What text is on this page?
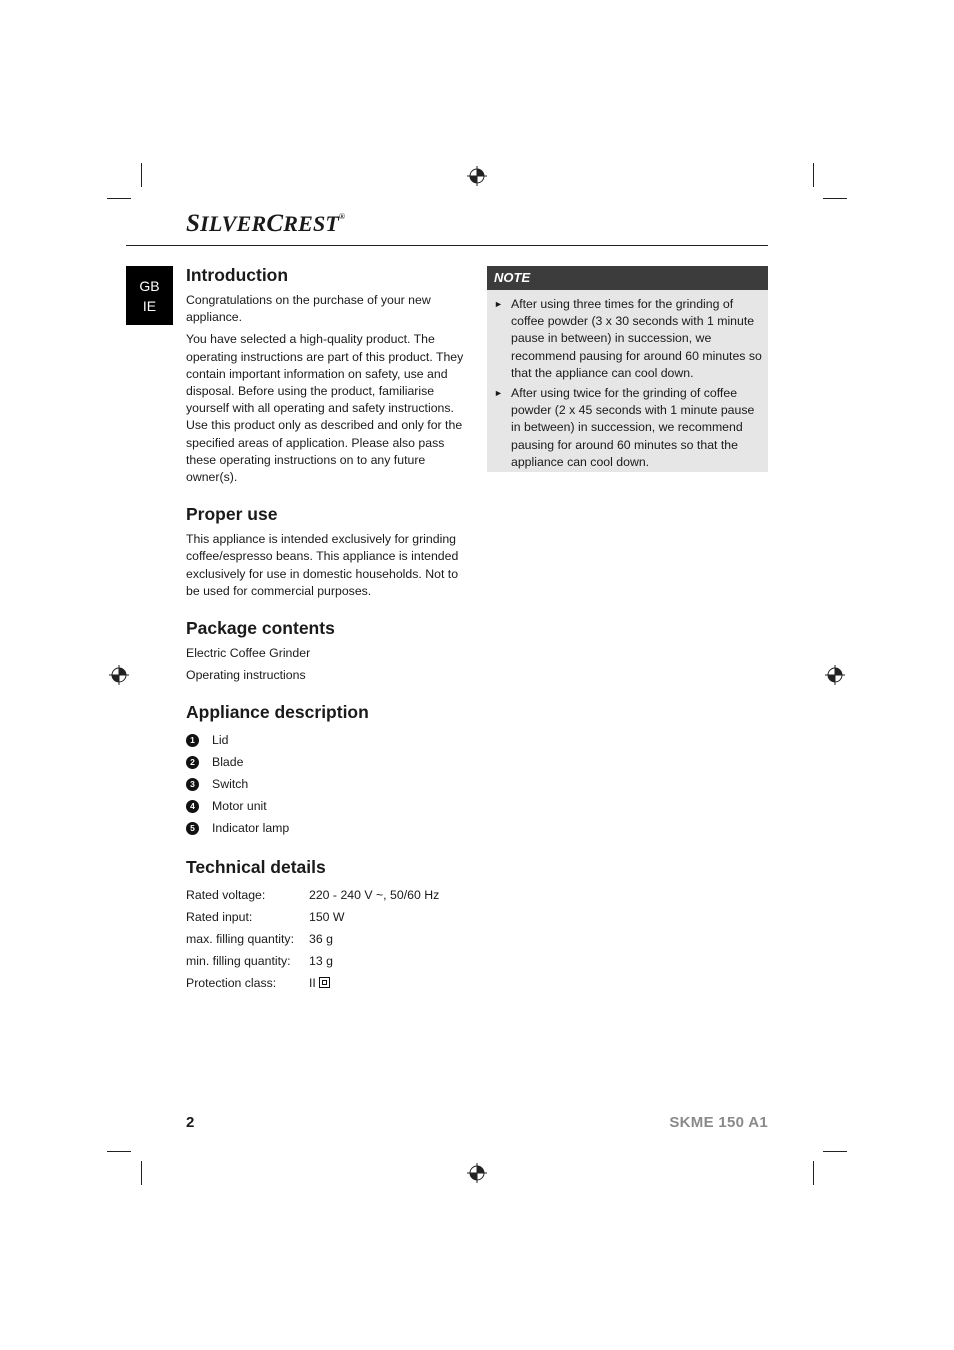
SILVERCREST®
GB
IE
Introduction

Congratulations on the purchase of your new appliance.

You have selected a high-quality product. The operating instructions are part of this product. They contain important information on safety, use and disposal. Before using the product, familiarise yourself with all operating and safety instructions. Use this product only as described and only for the specified areas of application. Please also pass these operating instructions on to any future owner(s).

Proper use

This appliance is intended exclusively for grinding coffee/espresso beans. This appliance is intended exclusively for use in domestic households. Not to be used for commercial purposes.

Package contents

Electric Coffee Grinder

Operating instructions

Appliance description
1	Lid
2	Blade
3	Switch
4	Motor unit
5	Indicator lamp
Technical details
Rated voltage:	220 - 240 V ~, 50/60 Hz
Rated input:	150 W
max. filling quantity:	36 g
min. filling quantity:	13 g
Protection class:	II
NOTE
► After using three times for the grinding of coffee powder (3 x 30 seconds with 1 minute pause in between) in succession, we recommend pausing for around 60 minutes so that the appliance can cool down.
► After using twice for the grinding of coffee powder (2 x 45 seconds with 1 minute pause in between) in succession, we recommend pausing for around 60 minutes so that the appliance can cool down.
2	SKME 150 A1
